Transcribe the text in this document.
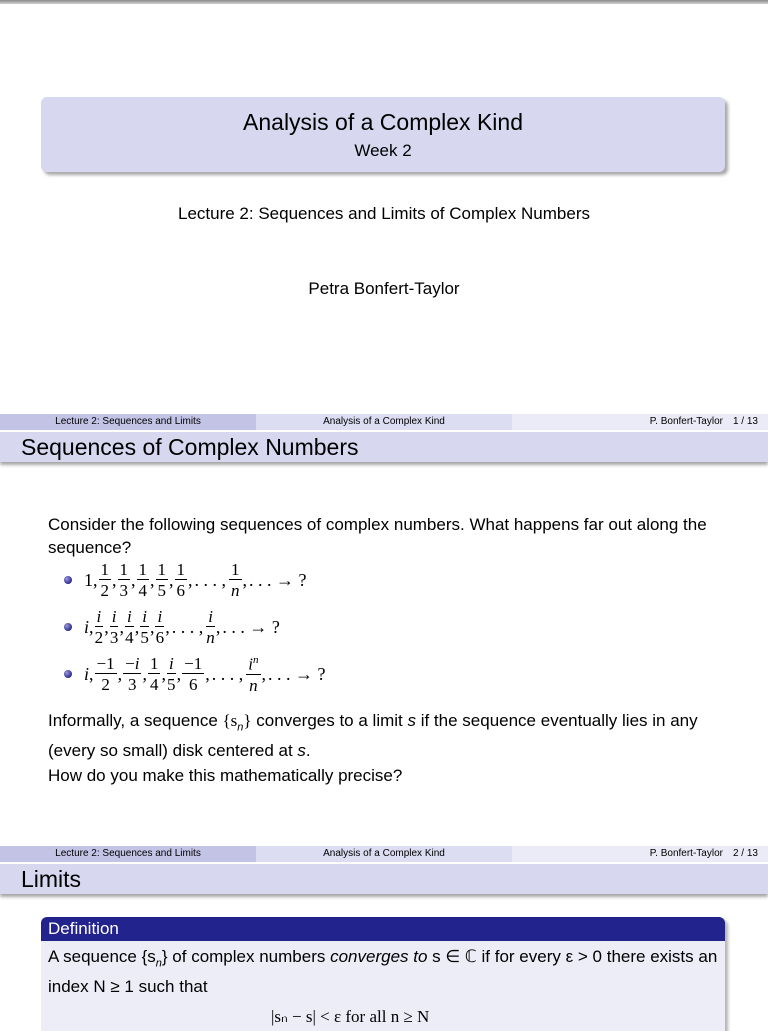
Analysis of a Complex Kind
Week 2
Lecture 2: Sequences and Limits of Complex Numbers
Petra Bonfert-Taylor
Lecture 2: Sequences and Limits	Analysis of a Complex Kind	P. Bonfert-Taylor 1 / 13
Sequences of Complex Numbers
Consider the following sequences of complex numbers. What happens far out along the sequence?
1, $\frac{1}{2}$ , $\frac{1}{3}$ , $\frac{1}{4}$ , $\frac{1}{5}$ , $\frac{1}{6}$ , . . . , $\frac{1}{n}$ , . . . → ?
i , $\frac{i}{2}$ , $\frac{i}{3}$ , $\frac{i}{4}$ , $\frac{i}{5}$ , $\frac{i}{6}$ , . . . , $\frac{i}{n}$ , . . . → ?
i , $\frac{-1}{2}$ , $\frac{-i}{3}$ , $\frac{1}{4}$ , $\frac{i}{5}$ , $\frac{-1}{6}$ , . . . , $\frac{i^n}{n}$ , . . . → ?
Informally, a sequence $\{s_n\}$ converges to a limit s if the sequence eventually lies in any (every so small) disk centered at s.
How do you make this mathematically precise?
Lecture 2: Sequences and Limits	Analysis of a Complex Kind	P. Bonfert-Taylor 2 / 13
Limits
Definition
A sequence $\{s_n\}$ of complex numbers converges to s ∈ ℂ if for every ε > 0 there exists an index N ≥ 1 such that
|sₙ − s| < ε for all n ≥ N
